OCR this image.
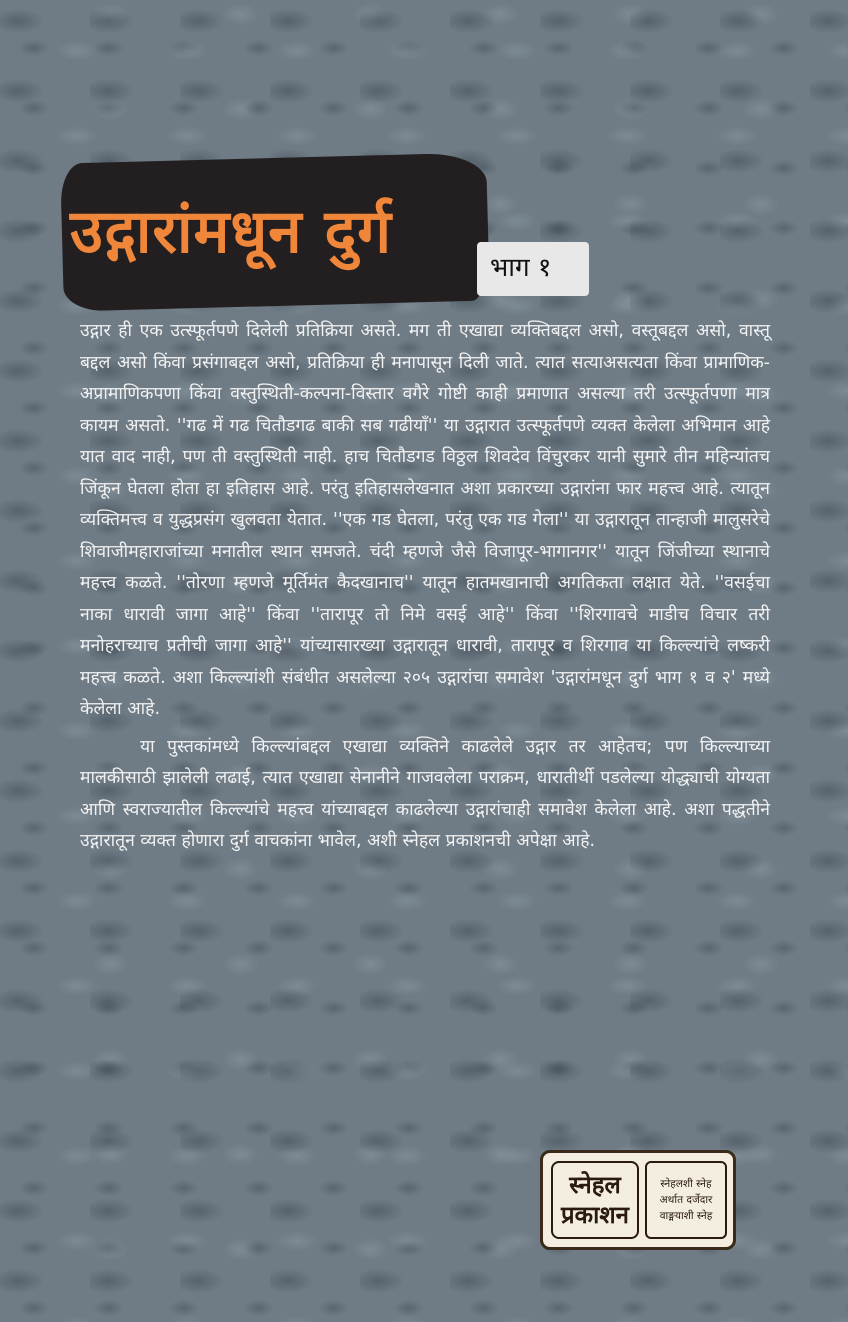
उद्गारांमधून दुर्ग
भाग १

उद्गार ही एक उत्स्फूर्तपणे दिलेली प्रतिक्रिया असते. मग ती एखाद्या व्यक्तिबद्दल असो, वस्तूबद्दल असो, वास्तू बद्दल असो किंवा प्रसंगाबद्दल असो, प्रतिक्रिया ही मनापासून दिली जाते. त्यात सत्याअसत्यता किंवा प्रामाणिक-अप्रामाणिकपणा किंवा वस्तुस्थिती-कल्पना-विस्तार वगैरे गोष्टी काही प्रमाणात असल्या तरी उत्स्फूर्तपणा मात्र कायम असतो. ''गढ में गढ चितौडगढ बाकी सब गढीयाँ'' या उद्गारात उत्स्फूर्तपणे व्यक्त केलेला अभिमान आहे यात वाद नाही, पण ती वस्तुस्थिती नाही. हाच चितौडगड विठ्ठल शिवदेव विंचुरकर यानी सुमारे तीन महिन्यांतच जिंकून घेतला होता हा इतिहास आहे. परंतु इतिहासलेखनात अशा प्रकारच्या उद्गारांना फार महत्त्व आहे. त्यातून व्यक्तिमत्त्व व युद्धप्रसंग खुलवता येतात. ''एक गड घेतला, परंतु एक गड गेला'' या उद्गारातून तान्हाजी मालुसरेचे शिवाजीमहाराजांच्या मनातील स्थान समजते. चंदी म्हणजे जैसे विजापूर-भागानगर'' यातून जिंजीच्या स्थानाचे महत्त्व कळते. ''तोरणा म्हणजे मूर्तिमंत कैदखानाच'' यातून हातमखानाची अगतिकता लक्षात येते. ''वसईचा नाका धारावी जागा आहे'' किंवा ''तारापूर तो निमे वसई आहे'' किंवा ''शिरगावचे माडीच विचार तरी मनोहराच्याच प्रतीची जागा आहे'' यांच्यासारख्या उद्गारातून धारावी, तारापूर व शिरगाव या किल्ल्यांचे लष्करी महत्त्व कळते. अशा किल्ल्यांशी संबंधीत असलेल्या २०५ उद्गारांचा समावेश 'उद्गारांमधून दुर्ग भाग १ व २' मध्ये केलेला आहे.

या पुस्तकांमध्ये किल्ल्यांबद्दल एखाद्या व्यक्तिने काढलेले उद्गार तर आहेतच; पण किल्ल्याच्या मालकीसाठी झालेली लढाई, त्यात एखाद्या सेनानीने गाजवलेला पराक्रम, धारातीर्थी पडलेल्या योद्ध्याची योग्यता आणि स्वराज्यातील किल्ल्यांचे महत्त्व यांच्याबद्दल काढलेल्या उद्गारांचाही समावेश केलेला आहे. अशा पद्धतीने उद्गारातून व्यक्त होणारा दुर्ग वाचकांना भावेल, अशी स्नेहल प्रकाशनची अपेक्षा आहे.

स्नेहल
प्रकाशन
स्नेहलशी स्नेह
अर्थात दर्जेदार
वाङ्मयाशी स्नेह
